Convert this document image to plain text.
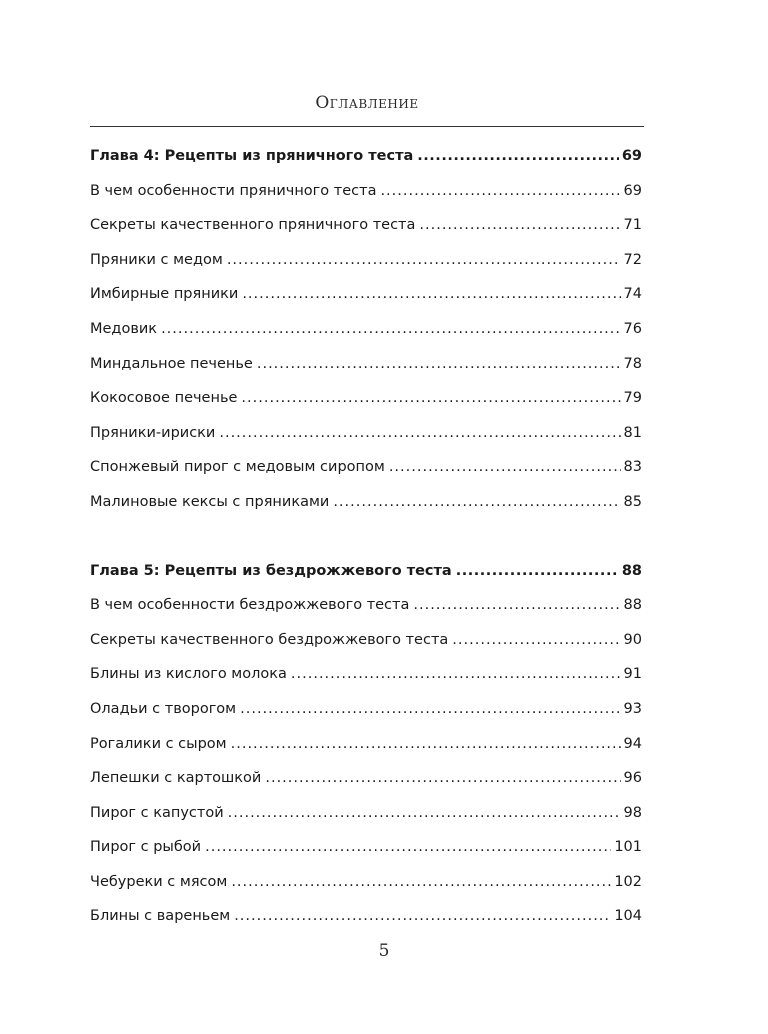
Оглавление
Глава 4: Рецепты из пряничного теста .....	69
В чем особенности пряничного теста .....	69
Секреты качественного пряничного теста .....	71
Пряники с медом .....	72
Имбирные пряники .....	74
Медовик .....	76
Миндальное печенье .....	78
Кокосовое печенье .....	79
Пряники-ириски .....	81
Спонжевый пирог с медовым сиропом .....	83
Малиновые кексы с пряниками .....	85
Глава 5: Рецепты из бездрожжевого теста .....	88
В чем особенности бездрожжевого теста .....	88
Секреты качественного бездрожжевого теста .....	90
Блины из кислого молока .....	91
Оладьи с творогом .....	93
Рогалики с сыром .....	94
Лепешки с картошкой .....	96
Пирог с капустой .....	98
Пирог с рыбой .....	101
Чебуреки с мясом .....	102
Блины с вареньем .....	104
5
